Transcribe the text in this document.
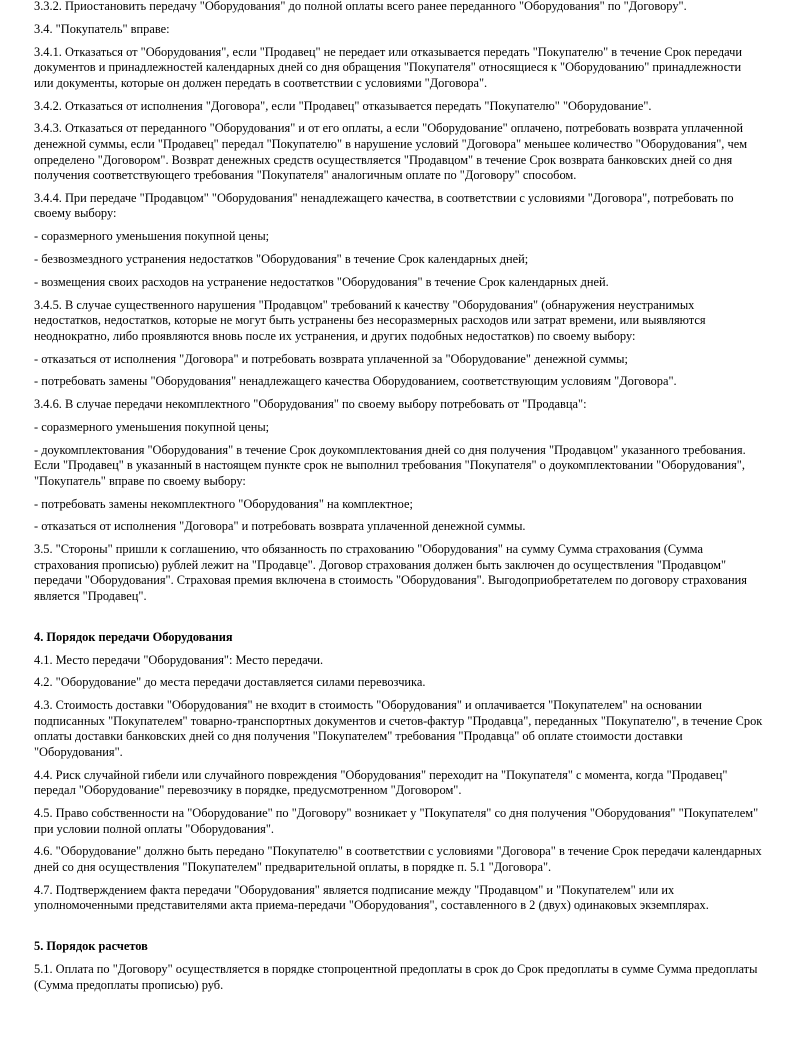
3.3.2. Приостановить передачу "Оборудования" до полной оплаты всего ранее переданного "Оборудования" по "Договору".
3.4. "Покупатель" вправе:
3.4.1. Отказаться от "Оборудования", если "Продавец" не передает или отказывается передать "Покупателю" в течение Срок передачи документов и принадлежностей календарных дней со дня обращения "Покупателя" относящиеся к "Оборудованию" принадлежности или документы, которые он должен передать в соответствии с условиями "Договора".
3.4.2. Отказаться от исполнения "Договора", если "Продавец" отказывается передать "Покупателю" "Оборудование".
3.4.3. Отказаться от переданного "Оборудования" и от его оплаты, а если "Оборудование" оплачено, потребовать возврата уплаченной денежной суммы, если "Продавец" передал "Покупателю" в нарушение условий "Договора" меньшее количество "Оборудования", чем определено "Договором". Возврат денежных средств осуществляется "Продавцом" в течение Срок возврата банковских дней со дня получения соответствующего требования "Покупателя" аналогичным оплате по "Договору" способом.
3.4.4. При передаче "Продавцом" "Оборудования" ненадлежащего качества, в соответствии с условиями "Договора", потребовать по своему выбору:
- соразмерного уменьшения покупной цены;
- безвозмездного устранения недостатков "Оборудования" в течение Срок календарных дней;
- возмещения своих расходов на устранение недостатков "Оборудования" в течение Срок календарных дней.
3.4.5. В случае существенного нарушения "Продавцом" требований к качеству "Оборудования" (обнаружения неустранимых недостатков, недостатков, которые не могут быть устранены без несоразмерных расходов или затрат времени, или выявляются неоднократно, либо проявляются вновь после их устранения, и других подобных недостатков) по своему выбору:
- отказаться от исполнения "Договора" и потребовать возврата уплаченной за "Оборудование" денежной суммы;
- потребовать замены "Оборудования" ненадлежащего качества Оборудованием, соответствующим условиям "Договора".
3.4.6. В случае передачи некомплектного "Оборудования" по своему выбору потребовать от "Продавца":
- соразмерного уменьшения покупной цены;
- доукомплектования "Оборудования" в течение Срок доукомплектования дней со дня получения "Продавцом" указанного требования. Если "Продавец" в указанный в настоящем пункте срок не выполнил требования "Покупателя" о доукомплектовании "Оборудования", "Покупатель" вправе по своему выбору:
- потребовать замены некомплектного "Оборудования" на комплектное;
- отказаться от исполнения "Договора" и потребовать возврата уплаченной денежной суммы.
3.5. "Стороны" пришли к соглашению, что обязанность по страхованию "Оборудования" на сумму Сумма страхования (Сумма страхования прописью) рублей лежит на "Продавце". Договор страхования должен быть заключен до осуществления "Продавцом" передачи "Оборудования". Страховая премия включена в стоимость "Оборудования". Выгодоприобретателем по договору страхования является "Продавец".
4. Порядок передачи Оборудования
4.1. Место передачи "Оборудования": Место передачи.
4.2. "Оборудование" до места передачи доставляется силами перевозчика.
4.3. Стоимость доставки "Оборудования" не входит в стоимость "Оборудования" и оплачивается "Покупателем" на основании подписанных "Покупателем" товарно-транспортных документов и счетов-фактур "Продавца", переданных "Покупателю", в течение Срок оплаты доставки банковских дней со дня получения "Покупателем" требования "Продавца" об оплате стоимости доставки "Оборудования".
4.4. Риск случайной гибели или случайного повреждения "Оборудования" переходит на "Покупателя" с момента, когда "Продавец" передал "Оборудование" перевозчику в порядке, предусмотренном "Договором".
4.5. Право собственности на "Оборудование" по "Договору" возникает у "Покупателя" со дня получения "Оборудования" "Покупателем" при условии полной оплаты "Оборудования".
4.6. "Оборудование" должно быть передано "Покупателю" в соответствии с условиями "Договора" в течение Срок передачи календарных дней со дня осуществления "Покупателем" предварительной оплаты, в порядке п. 5.1 "Договора".
4.7. Подтверждением факта передачи "Оборудования" является подписание между "Продавцом" и "Покупателем" или их уполномоченными представителями акта приема-передачи "Оборудования", составленного в 2 (двух) одинаковых экземплярах.
5. Порядок расчетов
5.1. Оплата по "Договору" осуществляется в порядке стопроцентной предоплаты в срок до Срок предоплаты в сумме Сумма предоплаты (Сумма предоплаты прописью) руб.
